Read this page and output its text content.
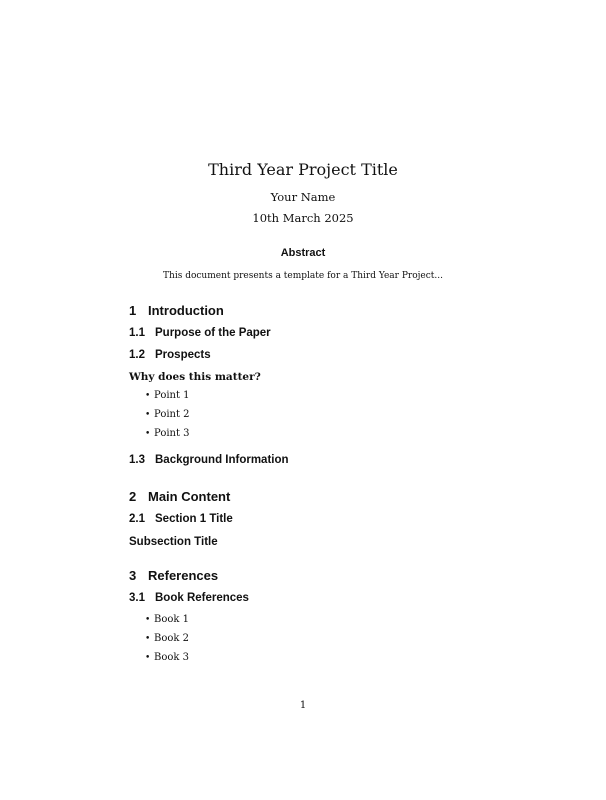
Third Year Project Title
Your Name
10th March 2025
Abstract
This document presents a template for a Third Year Project...
1 Introduction
1.1 Purpose of the Paper
1.2 Prospects
Why does this matter?
• Point 1
• Point 2
• Point 3
1.3 Background Information
2 Main Content
2.1 Section 1 Title
Subsection Title
3 References
3.1 Book References
• Book 1
• Book 2
• Book 3
1
